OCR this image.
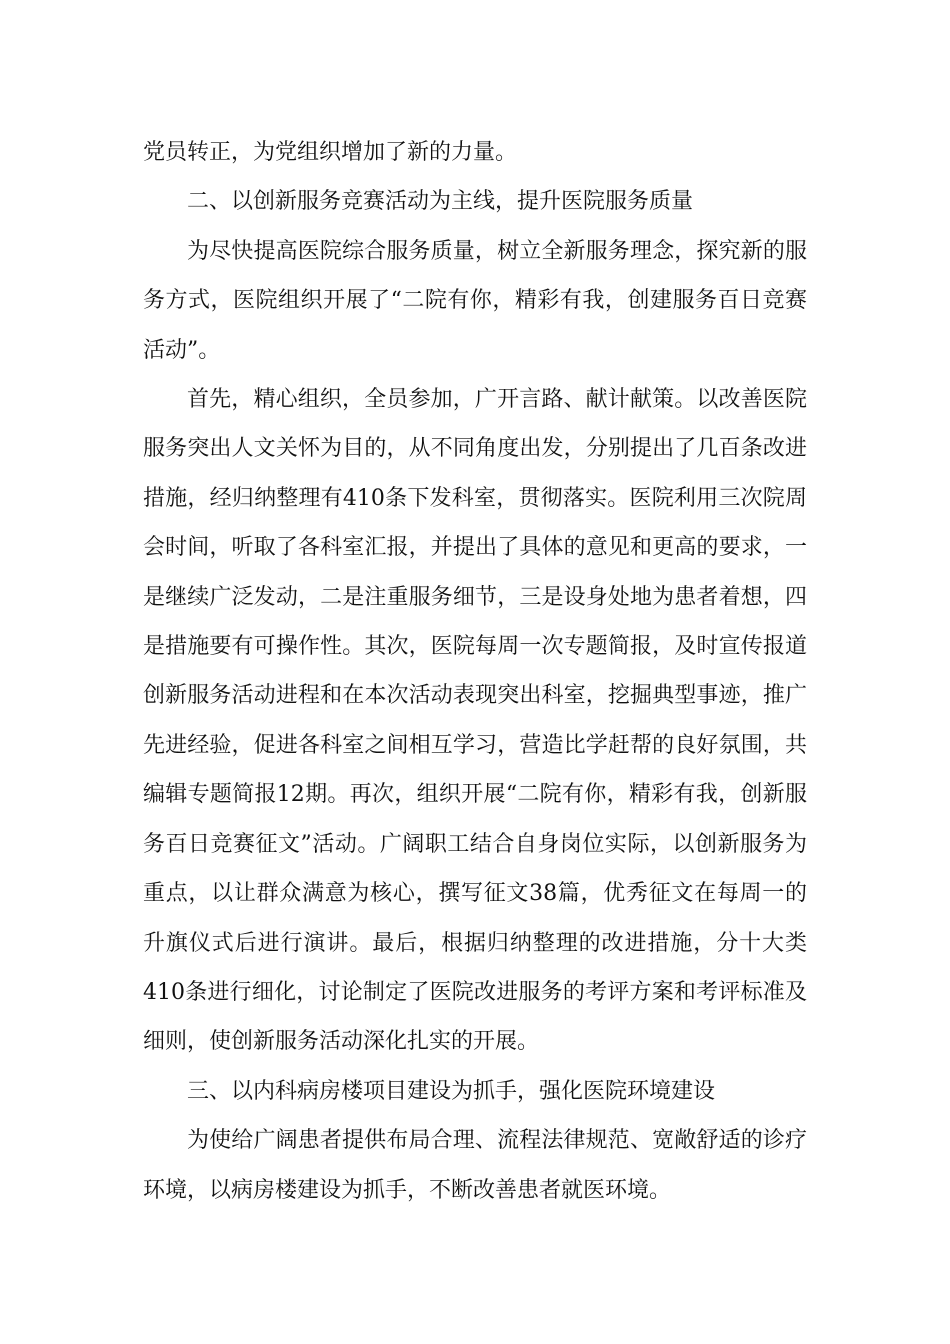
党员转正，为党组织增加了新的力量。

二、以创新服务竞赛活动为主线，提升医院服务质量

为尽快提高医院综合服务质量，树立全新服务理念，探究新的服务方式，医院组织开展了“二院有你，精彩有我，创建服务百日竞赛活动”。

首先，精心组织，全员参加，广开言路、献计献策。以改善医院服务突出人文关怀为目的，从不同角度出发，分别提出了几百条改进措施，经归纳整理有410条下发科室，贯彻落实。医院利用三次院周会时间，听取了各科室汇报，并提出了具体的意见和更高的要求，一是继续广泛发动，二是注重服务细节，三是设身处地为患者着想，四是措施要有可操作性。其次，医院每周一次专题简报，及时宣传报道创新服务活动进程和在本次活动表现突出科室，挖掘典型事迹，推广先进经验，促进各科室之间相互学习，营造比学赶帮的良好氛围，共编辑专题简报12期。再次，组织开展“二院有你，精彩有我，创新服务百日竞赛征文”活动。广阔职工结合自身岗位实际，以创新服务为重点，以让群众满意为核心，撰写征文38篇，优秀征文在每周一的升旗仪式后进行演讲。最后，根据归纳整理的改进措施，分十大类410条进行细化，讨论制定了医院改进服务的考评方案和考评标准及细则，使创新服务活动深化扎实的开展。

三、以内科病房楼项目建设为抓手，强化医院环境建设

为使给广阔患者提供布局合理、流程法律规范、宽敞舒适的诊疗环境，以病房楼建设为抓手，不断改善患者就医环境。
